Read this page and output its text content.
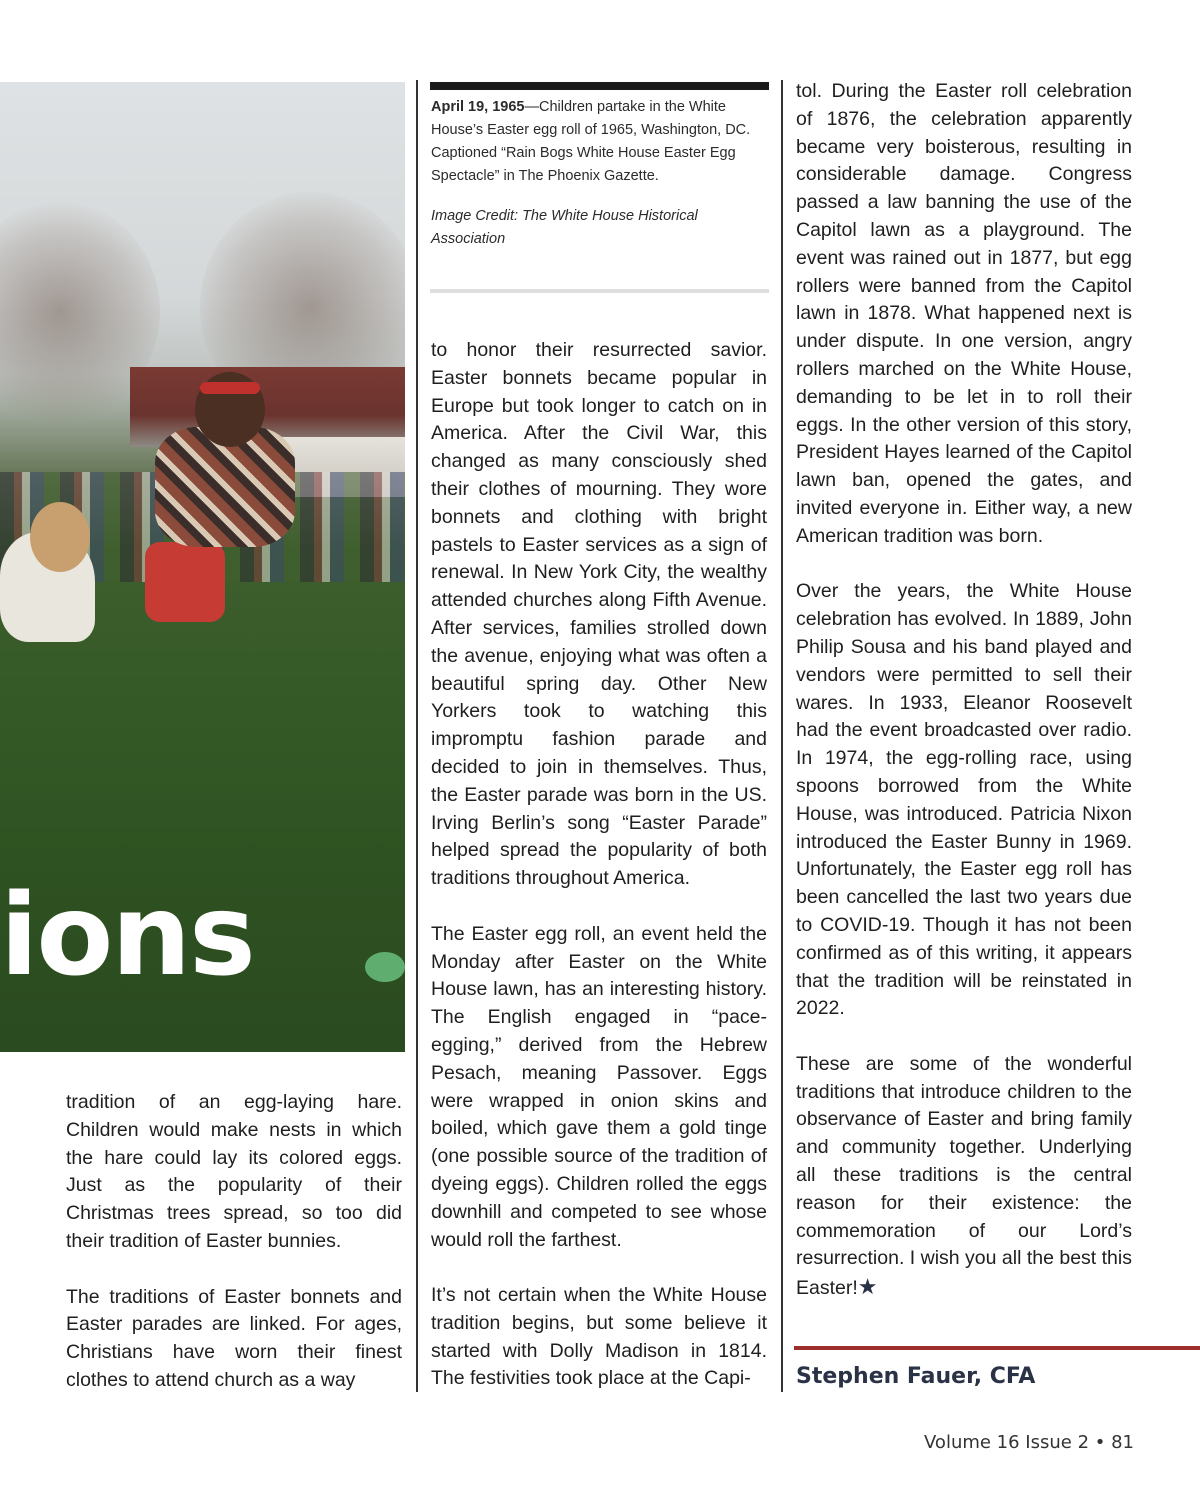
ions

April 19, 1965—Children partake in the White House’s Easter egg roll of 1965, Washington, DC. Captioned “Rain Bogs White House Easter Egg Spectacle” in The Phoenix Gazette.

Image Credit: The White House Historical Association

tradition of an egg-laying hare. Children would make nests in which the hare could lay its colored eggs. Just as the popularity of their Christmas trees spread, so too did their tradition of Easter bunnies.

The traditions of Easter bonnets and Easter parades are linked. For ages, Christians have worn their finest clothes to attend church as a way

to honor their resurrected savior. Easter bonnets became popular in Europe but took longer to catch on in America. After the Civil War, this changed as many consciously shed their clothes of mourning. They wore bonnets and clothing with bright pastels to Easter services as a sign of renewal. In New York City, the wealthy attended churches along Fifth Avenue. After services, families strolled down the avenue, enjoying what was often a beautiful spring day. Other New Yorkers took to watching this impromptu fashion parade and decided to join in themselves. Thus, the Easter parade was born in the US. Irving Berlin’s song “Easter Parade” helped spread the popularity of both traditions throughout America.

The Easter egg roll, an event held the Monday after Easter on the White House lawn, has an interesting history. The English engaged in “pace-egging,” derived from the Hebrew Pesach, meaning Passover. Eggs were wrapped in onion skins and boiled, which gave them a gold tinge (one possible source of the tradition of dyeing eggs). Children rolled the eggs downhill and competed to see whose would roll the farthest.

It’s not certain when the White House tradition begins, but some believe it started with Dolly Madison in 1814. The festivities took place at the Capi-

tol. During the Easter roll celebration of 1876, the celebration apparently became very boisterous, resulting in considerable damage. Congress passed a law banning the use of the Capitol lawn as a playground. The event was rained out in 1877, but egg rollers were banned from the Capitol lawn in 1878. What happened next is under dispute. In one version, angry rollers marched on the White House, demanding to be let in to roll their eggs. In the other version of this story, President Hayes learned of the Capitol lawn ban, opened the gates, and invited everyone in. Either way, a new American tradition was born.

Over the years, the White House celebration has evolved. In 1889, John Philip Sousa and his band played and vendors were permitted to sell their wares. In 1933, Eleanor Roosevelt had the event broadcasted over radio. In 1974, the egg-rolling race, using spoons borrowed from the White House, was introduced. Patricia Nixon introduced the Easter Bunny in 1969. Unfortunately, the Easter egg roll has been cancelled the last two years due to COVID-19. Though it has not been confirmed as of this writing, it appears that the tradition will be reinstated in 2022.

These are some of the wonderful traditions that introduce children to the observance of Easter and bring family and community together. Underlying all these traditions is the central reason for their existence: the commemoration of our Lord’s resurrection. I wish you all the best this Easter!★

Stephen Fauer, CFA

Volume 16 Issue 2 • 81
